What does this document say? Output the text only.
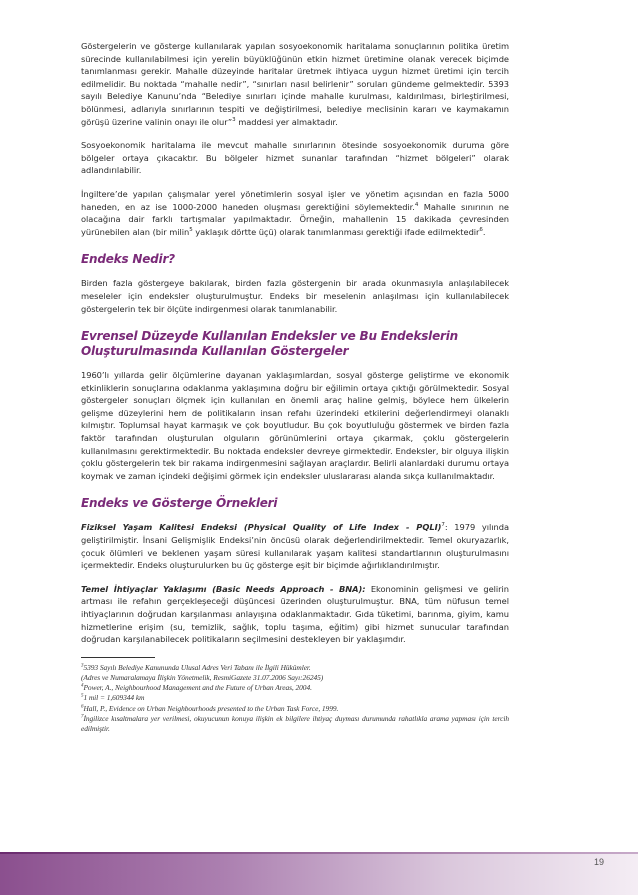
Göstergelerin ve gösterge kullanılarak yapılan sosyoekonomik haritalama sonuçlarının politika üretim sürecinde kullanılabilmesi için yerelin büyüklüğünün etkin hizmet üretimine olanak verecek biçimde tanımlanması gerekir. Mahalle düzeyinde haritalar üretmek ihtiyaca uygun hizmet üretimi için tercih edilmelidir. Bu noktada “mahalle nedir”, “sınırları nasıl belirlenir” soruları gündeme gelmektedir. 5393 sayılı Belediye Kanunu’nda “Belediye sınırları içinde mahalle kurulması, kaldırılması, birleştirilmesi, bölünmesi, adlarıyla sınırlarının tespiti ve değiştirilmesi, belediye meclisinin kararı ve kaymakamın görüşü üzerine valinin onayı ile olur”$^3$ maddesi yer almaktadır.

Sosyoekonomik haritalama ile mevcut mahalle sınırlarının ötesinde sosyoekonomik duruma göre bölgeler ortaya çıkacaktır. Bu bölgeler hizmet sunanlar tarafından “hizmet bölgeleri” olarak adlandırılabilir.

İngiltere’de yapılan çalışmalar yerel yönetimlerin sosyal işler ve yönetim açısından en fazla 5000 haneden, en az ise 1000-2000 haneden oluşması gerektiğini söylemektedir.$^4$ Mahalle sınırının ne olacağına dair farklı tartışmalar yapılmaktadır. Örneğin, mahallenin 15 dakikada çevresinden yürünebilen alan (bir milin$^5$ yaklaşık dörtte üçü) olarak tanımlanması gerektiği ifade edilmektedir$^6$.

Endeks Nedir?

Birden fazla göstergeye bakılarak, birden fazla göstergenin bir arada okunmasıyla anlaşılabilecek meseleler için endeksler oluşturulmuştur. Endeks bir meselenin anlaşılması için kullanılabilecek göstergelerin tek bir ölçüte indirgenmesi olarak tanımlanabilir.

Evrensel Düzeyde Kullanılan Endeksler ve Bu Endekslerin Oluşturulmasında Kullanılan Göstergeler

1960’lı yıllarda gelir ölçümlerine dayanan yaklaşımlardan, sosyal gösterge geliştirme ve ekonomik etkinliklerin sonuçlarına odaklanma yaklaşımına doğru bir eğilimin ortaya çıktığı görülmektedir. Sosyal göstergeler sonuçları ölçmek için kullanılan en önemli araç haline gelmiş, böylece hem ülkelerin gelişme düzeylerini hem de politikaların insan refahı üzerindeki etkilerini değerlendirmeyi olanaklı kılmıştır. Toplumsal hayat karmaşık ve çok boyutludur. Bu çok boyutluluğu göstermek ve birden fazla faktör tarafından oluşturulan olguların görünümlerini ortaya çıkarmak, çoklu göstergelerin kullanılmasını gerektirmektedir. Bu noktada endeksler devreye girmektedir. Endeksler, bir olguya ilişkin çoklu göstergelerin tek bir rakama indirgenmesini sağlayan araçlardır. Belirli alanlardaki durumu ortaya koymak ve zaman içindeki değişimi görmek için endeksler uluslararası alanda sıkça kullanılmaktadır.

Endeks ve Gösterge Örnekleri

Fiziksel Yaşam Kalitesi Endeksi (Physical Quality of Life Index - PQLI)$^7$: 1979 yılında geliştirilmiştir. İnsani Gelişmişlik Endeksi’nin öncüsü olarak değerlendirilmektedir. Temel okuryazarlık, çocuk ölümleri ve beklenen yaşam süresi kullanılarak yaşam kalitesi standartlarının oluşturulmasını içermektedir. Endeks oluşturulurken bu üç gösterge eşit bir biçimde ağırlıklandırılmıştır.

Temel İhtiyaçlar Yaklaşımı (Basic Needs Approach - BNA): Ekonominin gelişmesi ve gelirin artması ile refahın gerçekleşeceği düşüncesi üzerinden oluşturulmuştur. BNA, tüm nüfusun temel ihtiyaçlarının doğrudan karşılanması anlayışına odaklanmaktadır. Gıda tüketimi, barınma, giyim, kamu hizmetlerine erişim (su, temizlik, sağlık, toplu taşıma, eğitim) gibi hizmet sunucular tarafından doğrudan karşılanabilecek politikaların seçilmesini destekleyen bir yaklaşımdır.

$^3$5393 Sayılı Belediye Kanununda Ulusal Adres Veri Tabanı ile İlgili Hükümler.

(Adres ve Numaralamaya İlişkin Yönetmelik, ResmiGazete 31.07.2006 Sayı:26245)

$^4$Power, A., Neighbourhood Management and the Future of Urban Areas, 2004.

$^5$1 mil = 1,609344 km

$^6$Hall, P., Evidence on Urban Neighbourhoods presented to the Urban Task Force, 1999.

$^7$İngilizce kısaltmalara yer verilmesi, okuyucunun konuya ilişkin ek bilgilere ihtiyaç duyması durumunda rahatlıkla arama yapması için tercih edilmiştir.

19
